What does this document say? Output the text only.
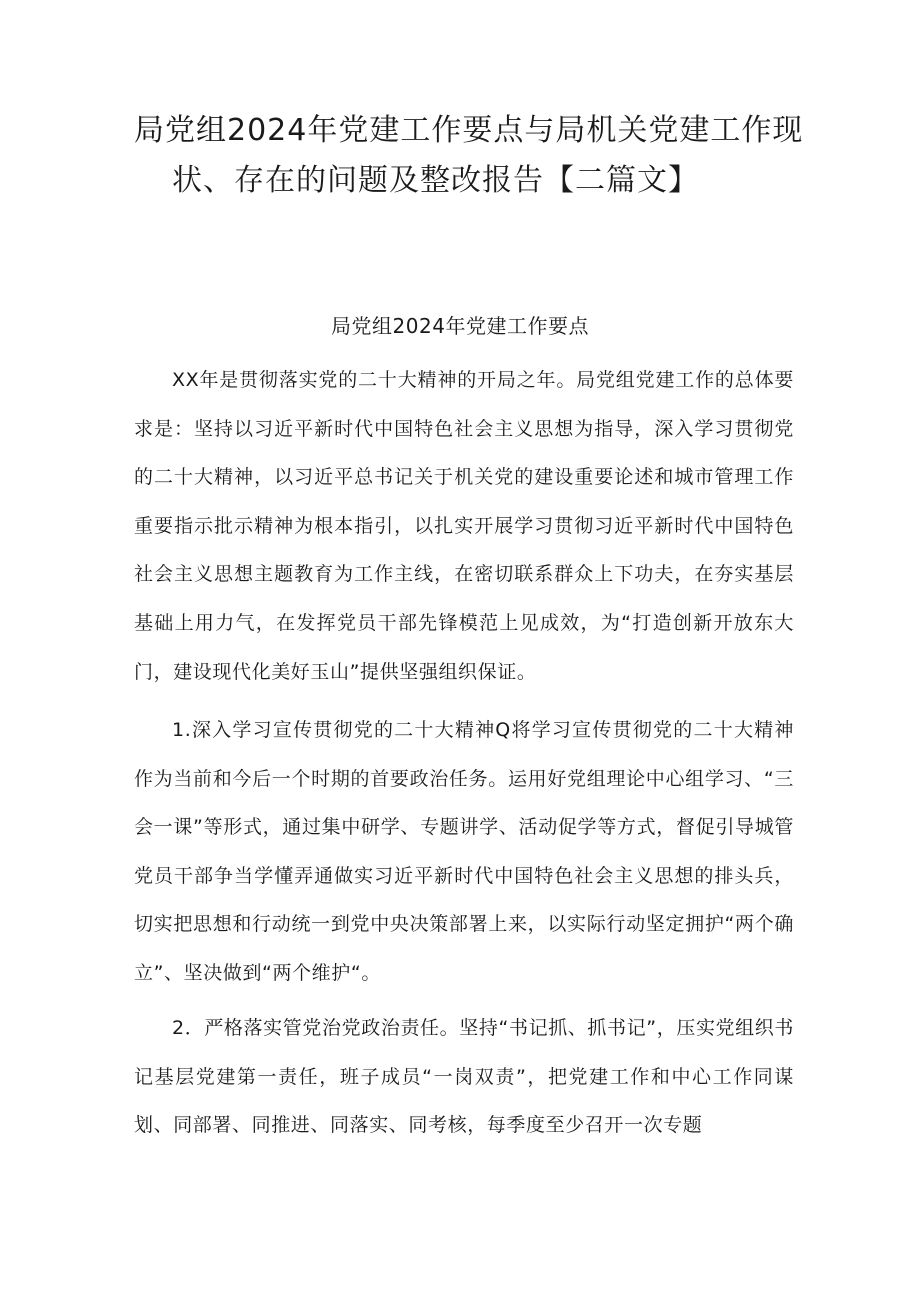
局党组2024年党建工作要点与局机关党建工作现
状、存在的问题及整改报告【二篇文】
局党组2024年党建工作要点

XX年是贯彻落实党的二十大精神的开局之年。局党组党建工作的总体要求是：坚持以习近平新时代中国特色社会主义思想为指导，深入学习贯彻党的二十大精神，以习近平总书记关于机关党的建设重要论述和城市管理工作重要指示批示精神为根本指引，以扎实开展学习贯彻习近平新时代中国特色社会主义思想主题教育为工作主线，在密切联系群众上下功夫，在夯实基层基础上用力气，在发挥党员干部先锋模范上见成效，为“打造创新开放东大门，建设现代化美好玉山”提供坚强组织保证。

1.深入学习宣传贯彻党的二十大精神Q将学习宣传贯彻党的二十大精神作为当前和今后一个时期的首要政治任务。运用好党组理论中心组学习、“三会一课”等形式，通过集中研学、专题讲学、活动促学等方式，督促引导城管党员干部争当学懂弄通做实习近平新时代中国特色社会主义思想的排头兵，切实把思想和行动统一到党中央决策部署上来，以实际行动坚定拥护“两个确立”、坚决做到“两个维护“。

2．严格落实管党治党政治责任。坚持“书记抓、抓书记”，压实党组织书记基层党建第一责任，班子成员“一岗双责”，把党建工作和中心工作同谋划、同部署、同推进、同落实、同考核，每季度至少召开一次专题
